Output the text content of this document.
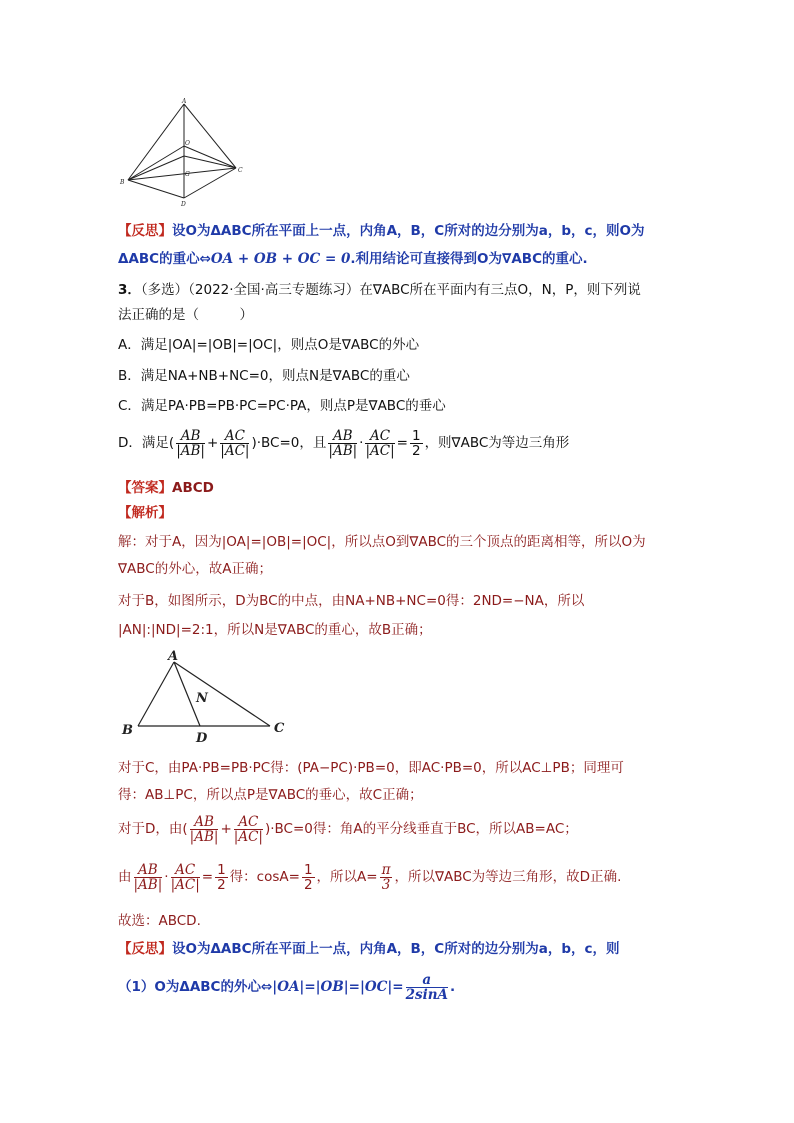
A
B
C
D
O
G
【反思】设O为ΔABC所在平面上一点，内角A，B，C所对的边分别为a，b，c，则O为
ΔABC的重心⇔OA + OB + OC = 0.利用结论可直接得到O为∇ABC的重心.
3．（多选）（2022·全国·高三专题练习）在∇ABC所在平面内有三点O，N，P，则下列说
法正确的是（　　　）
A．满足|OA|=|OB|=|OC|，则点O是∇ABC的外心
B．满足NA+NB+NC=0，则点N是∇ABC的重心
C．满足PA·PB=PB·PC=PC·PA，则点P是∇ABC的垂心
D．满足( $\frac{AB}{|AB|} + \frac{AC}{|AC|} )\cdot BC=0$，且 $\frac{AB}{|AB|} \cdot \frac{AC}{|AC|} = \frac{1}{2}$ ，则∇ABC为等边三角形
【答案】ABCD
【解析】
解：对于A，因为|OA|=|OB|=|OC|，所以点O到∇ABC的三个顶点的距离相等，所以O为
∇ABC的外心，故A正确；
对于B，如图所示，D为BC的中点，由NA+NB+NC=0得：2ND=−NA，所以
|AN|:|ND|=2:1，所以N是∇ABC的重心，故B正确；
A
B	C
D
N
对于C，由PA·PB=PB·PC得：(PA−PC)·PB=0，即AC·PB=0，所以AC⊥PB；同理可
得：AB⊥PC，所以点P是∇ABC的垂心，故C正确；
对于D，由( $\frac{AB}{|AB|} + \frac{AC}{|AC|} )\cdot BC=0$得：角A的平分线垂直于BC，所以AB=AC；
由 $\frac{AB}{|AB|} \cdot \frac{AC}{|AC|} = \frac{1}{2}$ 得：$\cos A= \frac{1}{2}$ ，所以$A= \frac{\pi}{3}$ ，所以∇ABC为等边三角形，故D正确.
故选：ABCD.
【反思】设O为ΔABC所在平面上一点，内角A，B，C所对的边分别为a，b，c，则
（1）O为ΔABC的外心⇔|OA|=|OB|=|OC|= $\frac{a}{2\sin A}$ .
